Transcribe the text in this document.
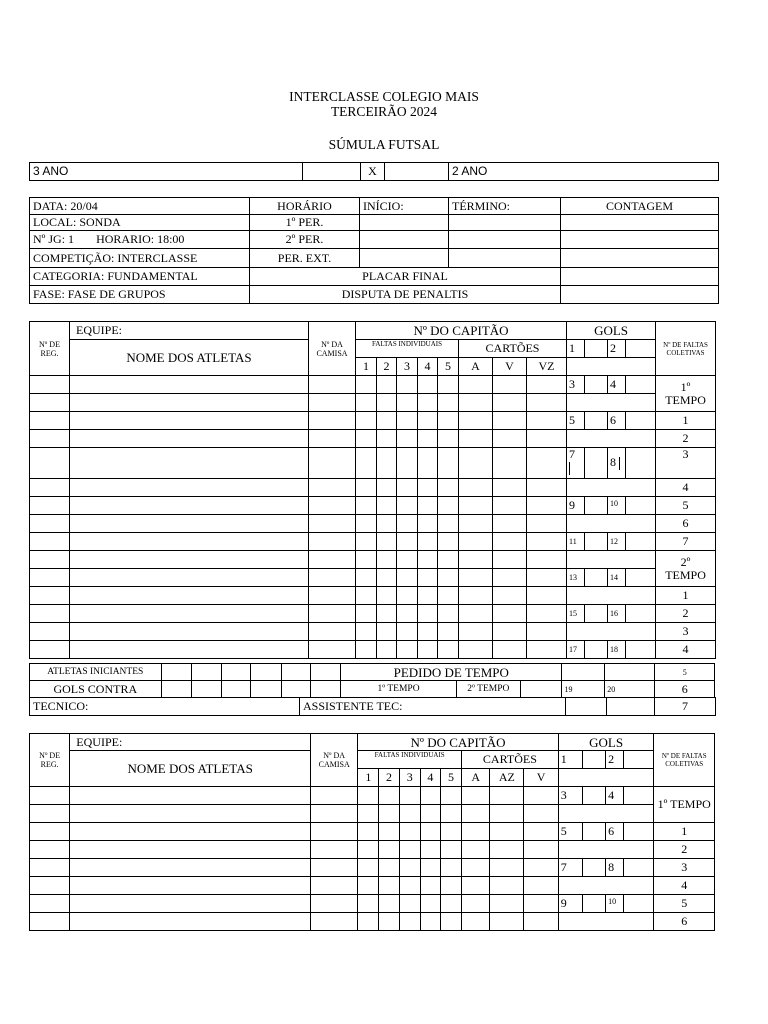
INTERCLASSE COLEGIO MAIS
TERCEIRÃO 2024
SÚMULA FUTSAL
3 ANO		X		2 ANO
DATA: 20/04	HORÁRIO	INÍCIO:	TÉRMINO:	CONTAGEM
LOCAL: SONDA	1º PER.			
Nº JG: 1 HORARIO: 18:00	2º PER.			
COMPETIÇÃO: INTERCLASSE	PER. EXT.			
CATEGORIA: FUNDAMENTAL	PLACAR FINAL			
FASE: FASE DE GRUPOS	DISPUTA DE PENALTIS			
Nº DE REG.	EQUIPE:	Nº DA CAMISA	Nº DO CAPITÃO								GOLS				Nº DE FALTAS COLETIVAS
	NOME DOS ATLETAS		FALTAS INDIVIDUAIS					CARTÕES			1		2		
			1	2	3	4	5	A	V	VZ					
											3		4		1º TEMPO

											5		6		1
															2
											7		8		3
															4
											9		10		5
															6
											11		12		7
															2º TEMPO
											13		14		
															1
											15		16		2
															3
											17		18		4
ATLETAS INICIANTES							PEDIDO DE TEMPO					5
GOLS CONTRA							1º TEMPO	2º TEMPO		19	20	6
TECNICO:	ASSISTENTE TEC:			7
Nº DE REG.	EQUIPE:	Nº DA CAMISA	Nº DO CAPITÃO								GOLS				Nº DE FALTAS COLETIVAS
	NOME DOS ATLETAS		FALTAS INDIVIDUAIS					CARTÕES			1		2		
			1	2	3	4	5	A	AZ	V					
											3		4		1º TEMPO

											5		6		1
															2
											7		8		3
															4
											9		10		5
															6
